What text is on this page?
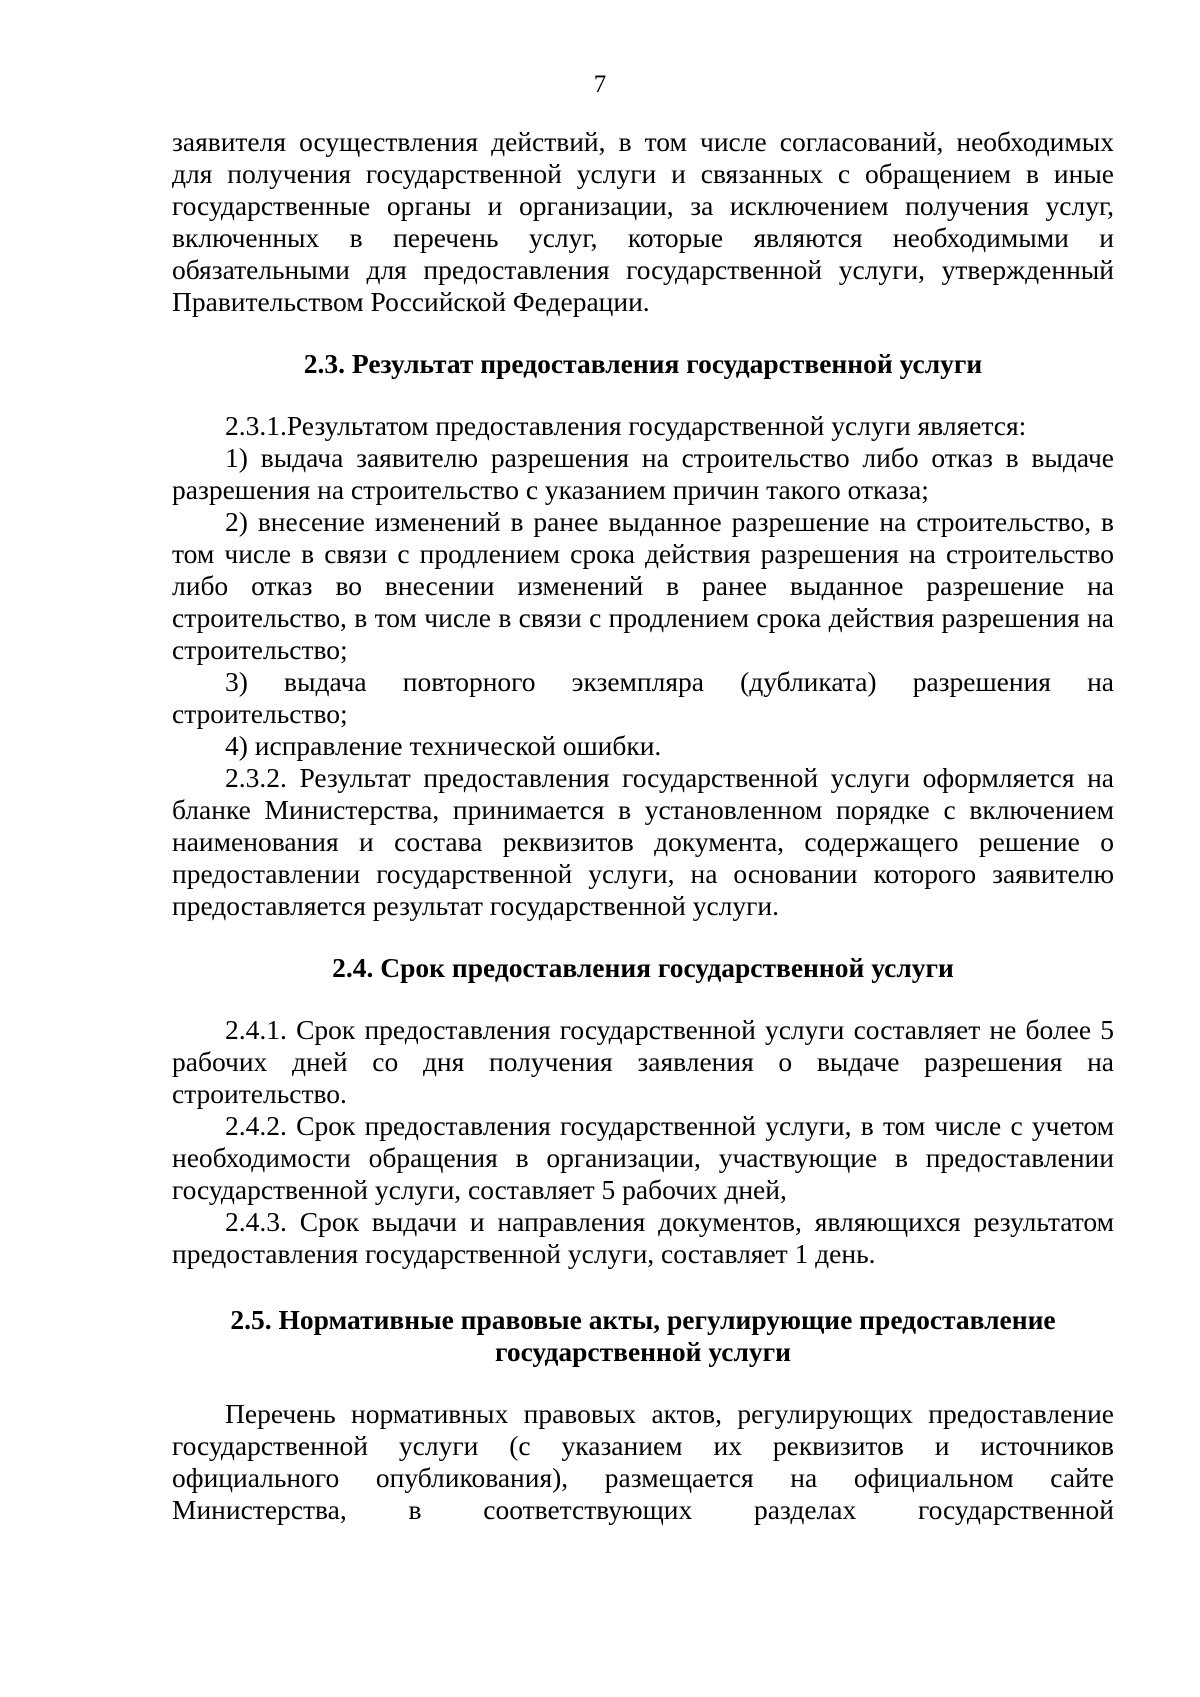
7

заявителя осуществления действий, в том числе согласований, необходимых для получения государственной услуги и связанных с обращением в иные государственные органы и организации, за исключением получения услуг, включенных в перечень услуг, которые являются необходимыми и обязательными для предоставления государственной услуги, утвержденный Правительством Российской Федерации.

2.3. Результат предоставления государственной услуги

2.3.1.Результатом предоставления государственной услуги является:

1) выдача заявителю разрешения на строительство либо отказ в выдаче разрешения на строительство с указанием причин такого отказа;

2) внесение изменений в ранее выданное разрешение на строительство, в том числе в связи с продлением срока действия разрешения на строительство либо отказ во внесении изменений в ранее выданное разрешение на строительство, в том числе в связи с продлением срока действия разрешения на строительство;

3) выдача повторного экземпляра (дубликата) разрешения на строительство;

4) исправление технической ошибки.

2.3.2. Результат предоставления государственной услуги оформляется на бланке Министерства, принимается в установленном порядке с включением наименования и состава реквизитов документа, содержащего решение о предоставлении государственной услуги, на основании которого заявителю предоставляется результат государственной услуги.

2.4. Срок предоставления государственной услуги

2.4.1. Срок предоставления государственной услуги составляет не более 5 рабочих дней со дня получения заявления о выдаче разрешения на строительство.

2.4.2. Срок предоставления государственной услуги, в том числе с учетом необходимости обращения в организации, участвующие в предоставлении государственной услуги, составляет 5 рабочих дней,

2.4.3. Срок выдачи и направления документов, являющихся результатом предоставления государственной услуги, составляет 1 день.

2.5. Нормативные правовые акты, регулирующие предоставление
государственной услуги

Перечень нормативных правовых актов, регулирующих предоставление государственной услуги (с указанием их реквизитов и источников официального опубликования), размещается на официальном сайте Министерства, в соответствующих разделах государственной
